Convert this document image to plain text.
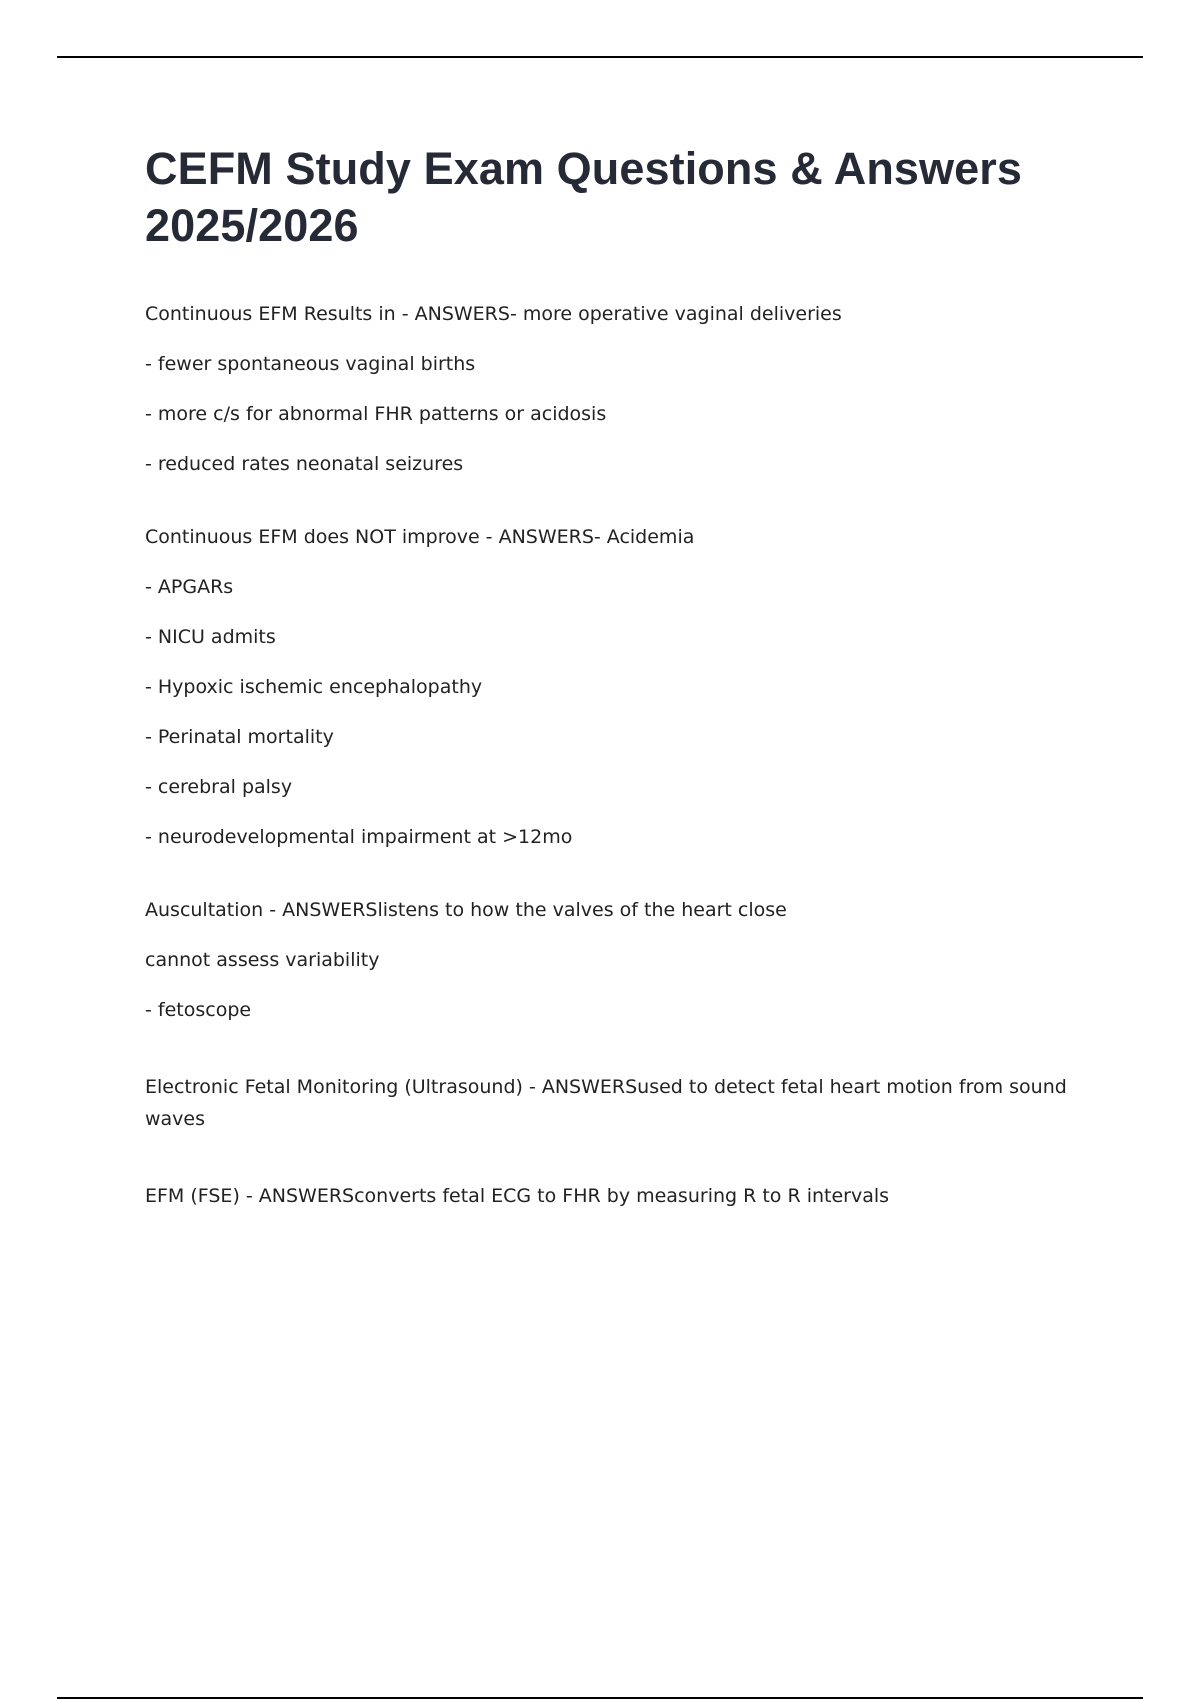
CEFM Study Exam Questions & Answers 2025/2026
Continuous EFM Results in - ANSWERS- more operative vaginal deliveries
- fewer spontaneous vaginal births
- more c/s for abnormal FHR patterns or acidosis
- reduced rates neonatal seizures
Continuous EFM does NOT improve - ANSWERS- Acidemia
- APGARs
- NICU admits
- Hypoxic ischemic encephalopathy
- Perinatal mortality
- cerebral palsy
- neurodevelopmental impairment at >12mo
Auscultation - ANSWERSlistens to how the valves of the heart close
cannot assess variability
- fetoscope
Electronic Fetal Monitoring (Ultrasound) - ANSWERSused to detect fetal heart motion from sound waves
EFM (FSE) - ANSWERSconverts fetal ECG to FHR by measuring R to R intervals
